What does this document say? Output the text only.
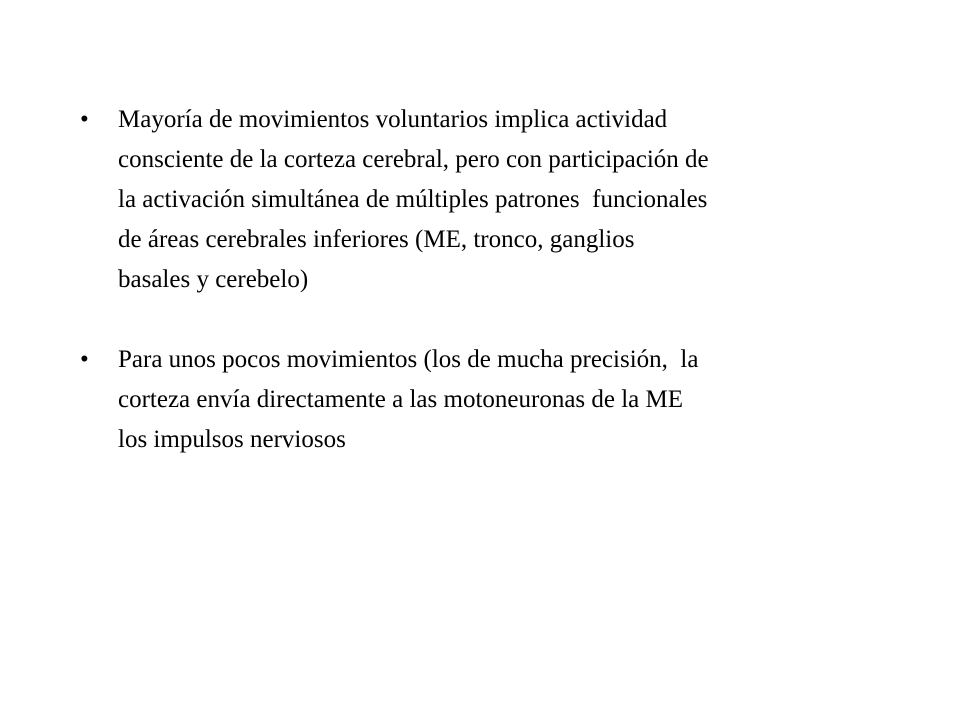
• Mayoría de movimientos voluntarios implica actividad
consciente de la corteza cerebral, pero con participación de
la activación simultánea de múltiples patrones  funcionales
de áreas cerebrales inferiores (ME, tronco, ganglios
basales y cerebelo)
• Para unos pocos movimientos (los de mucha precisión,  la
corteza envía directamente a las motoneuronas de la ME
los impulsos nerviosos
